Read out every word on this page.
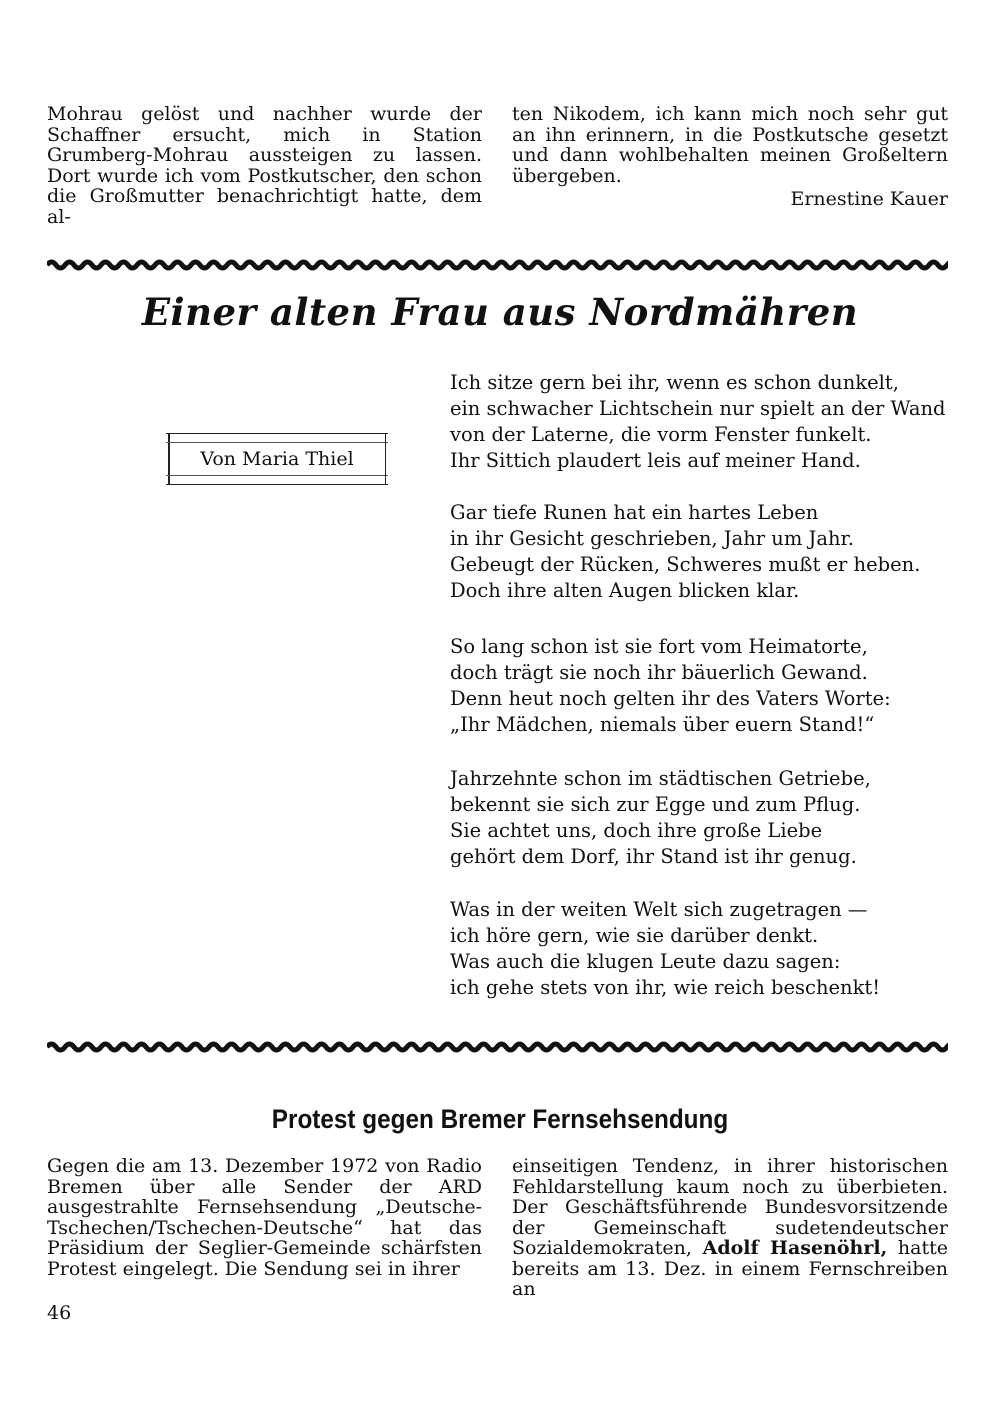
Mohrau gelöst und nachher wurde der Schaffner ersucht, mich in Station Grumberg-Mohrau aussteigen zu lassen. Dort wurde ich vom Postkutscher, den schon die Großmutter benachrichtigt hatte, dem al-

ten Nikodem, ich kann mich noch sehr gut an ihn erinnern, in die Postkutsche gesetzt und dann wohlbehalten meinen Großeltern übergeben.

Ernestine Kauer
Einer alten Frau aus Nordmähren
Von Maria Thiel
Ich sitze gern bei ihr, wenn es schon dunkelt,
ein schwacher Lichtschein nur spielt an der Wand
von der Laterne, die vorm Fenster funkelt.
Ihr Sittich plaudert leis auf meiner Hand.
Gar tiefe Runen hat ein hartes Leben
in ihr Gesicht geschrieben, Jahr um Jahr.
Gebeugt der Rücken, Schweres mußt er heben.
Doch ihre alten Augen blicken klar.
So lang schon ist sie fort vom Heimatorte,
doch trägt sie noch ihr bäuerlich Gewand.
Denn heut noch gelten ihr des Vaters Worte:
„Ihr Mädchen, niemals über euern Stand!“
Jahrzehnte schon im städtischen Getriebe,
bekennt sie sich zur Egge und zum Pflug.
Sie achtet uns, doch ihre große Liebe
gehört dem Dorf, ihr Stand ist ihr genug.
Was in der weiten Welt sich zugetragen —
ich höre gern, wie sie darüber denkt.
Was auch die klugen Leute dazu sagen:
ich gehe stets von ihr, wie reich beschenkt!
Protest gegen Bremer Fernsehsendung

Gegen die am 13. Dezember 1972 von Radio Bremen über alle Sender der ARD ausgestrahlte Fernsehsendung „Deutsche-Tschechen/Tschechen-Deutsche“ hat das Präsidium der Seglier-Gemeinde schärfsten Protest eingelegt. Die Sendung sei in ihrer

einseitigen Tendenz, in ihrer historischen Fehldarstellung kaum noch zu überbieten. Der Geschäftsführende Bundesvorsitzende der Gemeinschaft sudetendeutscher Sozialdemokraten, Adolf Hasenöhrl, hatte bereits am 13. Dez. in einem Fernschreiben an

46
